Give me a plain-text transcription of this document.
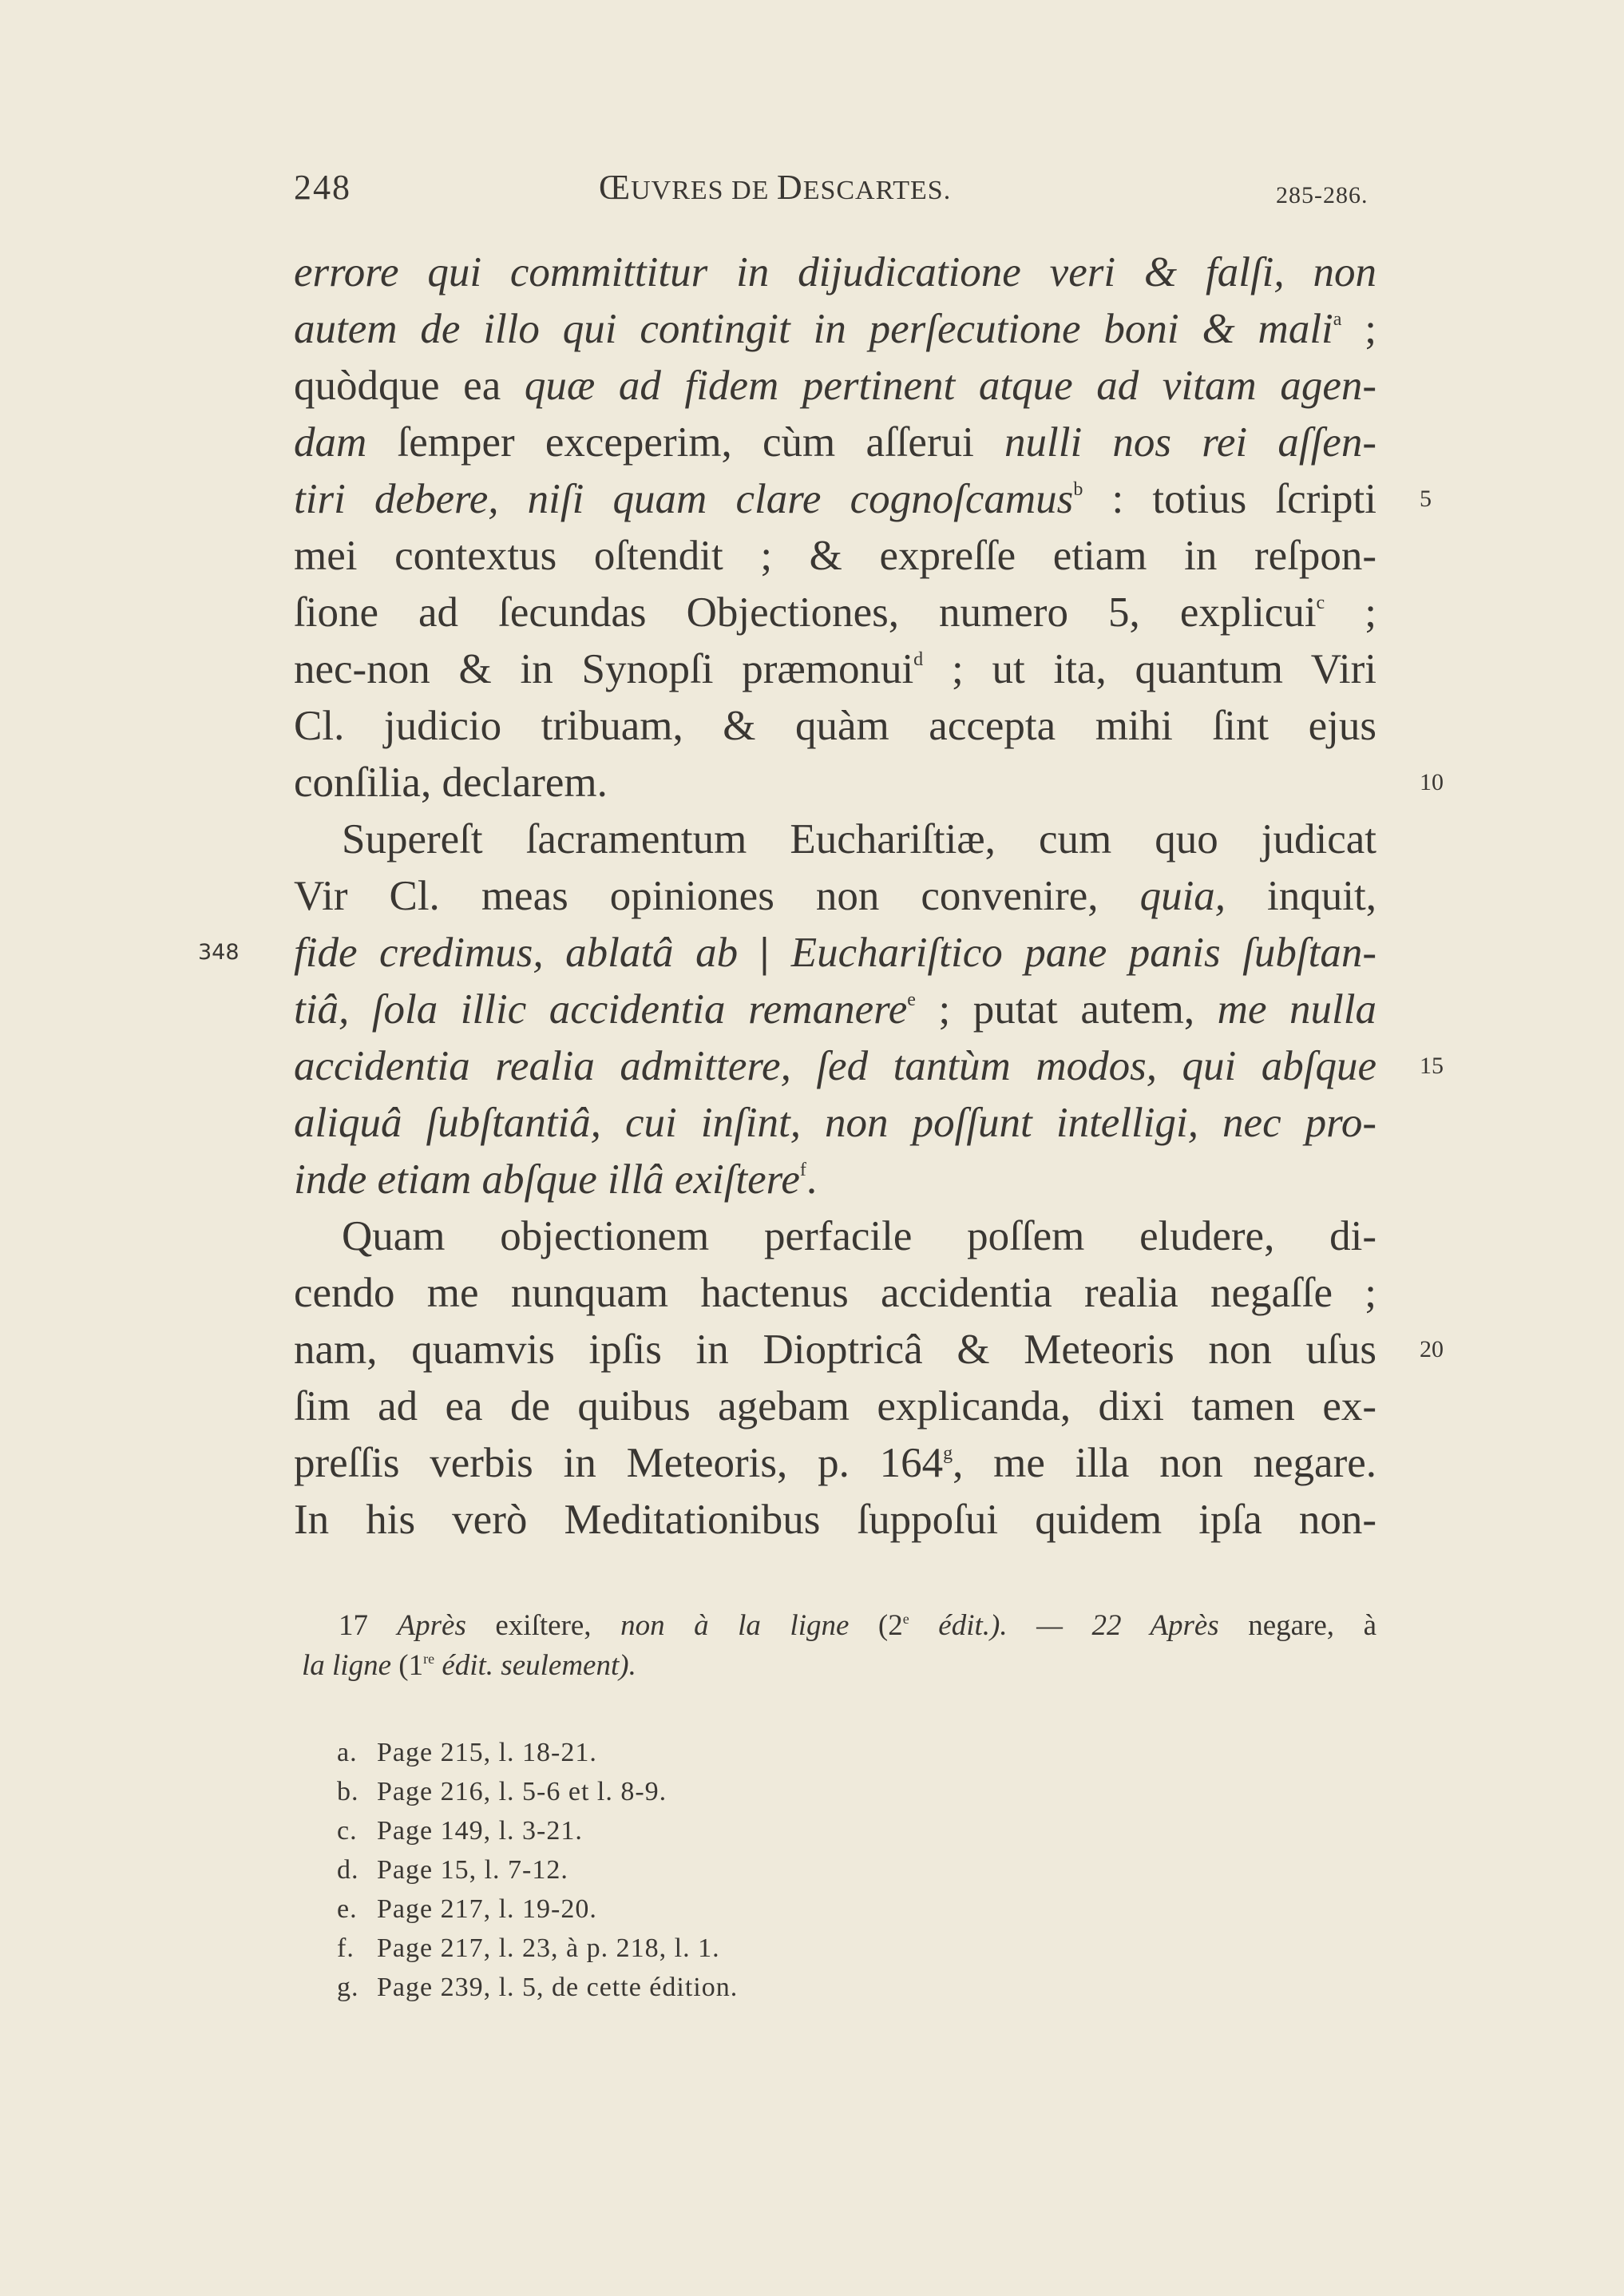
248	ŒUVRES DE DESCARTES.	285-286.
errore qui committitur in dijudicatione veri & falſi, non
autem de illo qui contingit in perſecutione boni & mali$^a$ ;
quòdque ea quæ ad fidem pertinent atque ad vitam agen-
dam ſemper exceperim, cùm aſſerui nulli nos rei aſſen-
tiri debere, niſi quam clare cognoſcamus$^b$ : totius ſcripti 5
mei contextus oſtendit ; & expreſſe etiam in reſpon-
ſione ad ſecundas Objectiones, numero 5, explicui$^c$ ;
nec-non & in Synopſi præmonui$^d$ ; ut ita, quantum Viri
Cl. judicio tribuam, & quàm accepta mihi ſint ejus
conſilia, declarem.	10
Supereſt ſacramentum Euchariſtiæ, cum quo judicat
Vir Cl. meas opiniones non convenire, quia, inquit,
348 fide credimus, ablatâ ab | Euchariſtico pane panis ſubſtan-
tiâ, ſola illic accidentia remanere$^e$ ; putat autem, me nulla
accidentia realia admittere, ſed tantùm modos, qui abſque 15
aliquâ ſubſtantiâ, cui inſint, non poſſunt intelligi, nec pro-
inde etiam abſque illâ exiſtere$^f$.
Quam objectionem perfacile poſſem eludere, di-
cendo me nunquam hactenus accidentia realia negaſſe ;
nam, quamvis ipſis in Dioptricâ & Meteoris non uſus 20
ſim ad ea de quibus agebam explicanda, dixi tamen ex-
preſſis verbis in Meteoris, p. 164$^g$, me illa non negare.
In his verò Meditationibus ſuppoſui quidem ipſa non-
17 Après exiſtere, non à la ligne (2e édit.). — 22 Après negare, à
la ligne (1re édit. seulement).
a. Page 215, l. 18-21.
b. Page 216, l. 5-6 et l. 8-9.
c. Page 149, l. 3-21.
d. Page 15, l. 7-12.
e. Page 217, l. 19-20.
f. Page 217, l. 23, à p. 218, l. 1.
g. Page 239, l. 5, de cette édition.
